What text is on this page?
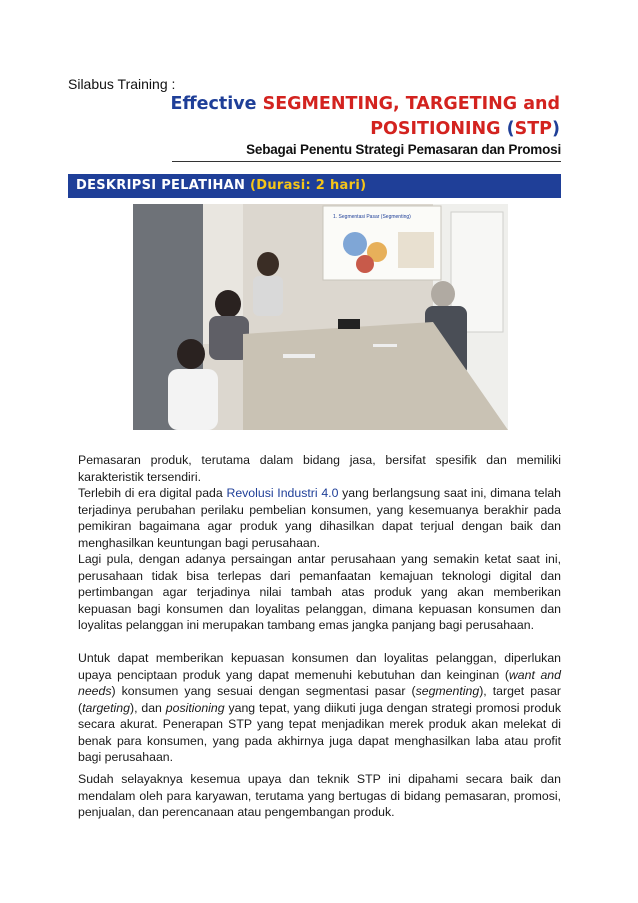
Silabus Training :
Effective SEGMENTING, TARGETING and POSITIONING (STP)
Sebagai Penentu Strategi Pemasaran dan Promosi
DESKRIPSI PELATIHAN (Durasi: 2 hari)
1. Segmentasi Pasar (Segmenting)

Pemasaran produk, terutama dalam bidang jasa, bersifat spesifik dan memiliki karakteristik tersendiri.

Terlebih di era digital pada Revolusi Industri 4.0 yang berlangsung saat ini, dimana telah terjadinya perubahan perilaku pembelian konsumen, yang kesemuanya berakhir pada pemikiran bagaimana agar produk yang dihasilkan dapat terjual dengan baik dan menghasilkan keuntungan bagi perusahaan.

Lagi pula, dengan adanya persaingan antar perusahaan yang semakin ketat saat ini, perusahaan tidak bisa terlepas dari pemanfaatan kemajuan teknologi digital dan pertimbangan agar terjadinya nilai tambah atas produk yang akan memberikan kepuasan bagi konsumen dan loyalitas pelanggan, dimana kepuasan konsumen dan loyalitas pelanggan ini merupakan tambang emas jangka panjang bagi perusahaan.

Untuk dapat memberikan kepuasan konsumen dan loyalitas pelanggan, diperlukan upaya penciptaan produk yang dapat memenuhi kebutuhan dan keinginan (want and needs) konsumen yang sesuai dengan segmentasi pasar (segmenting), target pasar (targeting), dan positioning yang tepat, yang diikuti juga dengan strategi promosi produk secara akurat. Penerapan STP yang tepat menjadikan merek produk akan melekat di benak para konsumen, yang pada akhirnya juga dapat menghasilkan laba atau profit bagi perusahaan.

Sudah selayaknya kesemua upaya dan teknik STP ini dipahami secara baik dan mendalam oleh para karyawan, terutama yang bertugas di bidang pemasaran, promosi, penjualan, dan perencanaan atau pengembangan produk.
